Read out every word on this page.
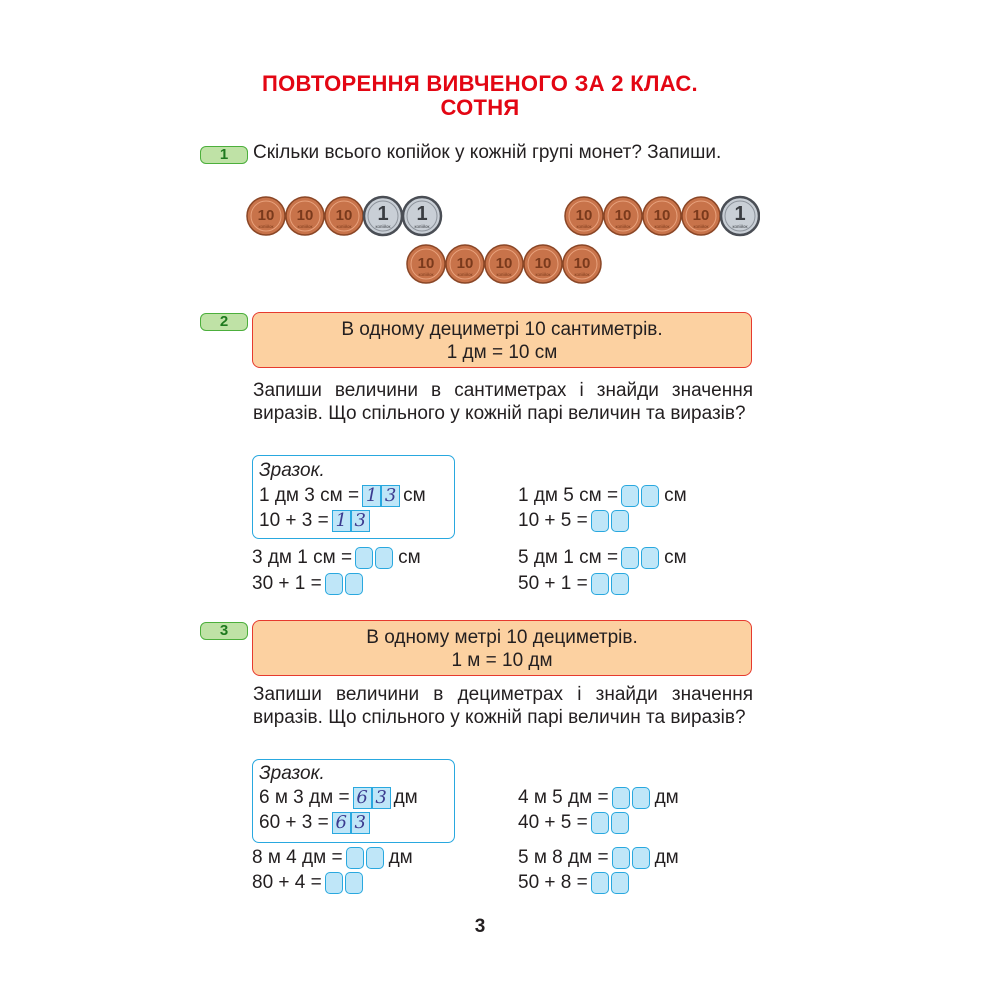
ПОВТОРЕННЯ ВИВЧЕНОГО ЗА 2 КЛАС.
СОТНЯ
1	Скільки всього копійок у кожній групі монет? Запиши.
10
копійок
10
копійок
10
копійок
1
копійок
1
копійок
10
копійок
10
копійок
10
копійок
10
копійок
1
копійок
10
копійок
10
копійок
10
копійок
10
копійок
10
копійок
2	В одному дециметрі 10 сантиметрів.
1 дм = 10 см
Запиши величини в сантиметрах і знайди значення виразів. Що спільного у кожній парі величин та виразів?
Зразок.
1 дм 3 см = 1 3 см
10 + 3 = 1 3
1 дм 5 см = см
10 + 5 =
3 дм 1 см = см
30 + 1 =
5 дм 1 см = см
50 + 1 =
3	В одному метрі 10 дециметрів.
1 м = 10 дм
Запиши величини в дециметрах і знайди значення виразів. Що спільного у кожній парі величин та виразів?
Зразок.
6 м 3 дм = 6 3 дм
60 + 3 = 6 3
4 м 5 дм = дм
40 + 5 =
8 м 4 дм = дм
80 + 4 =
5 м 8 дм = дм
50 + 8 =
3
